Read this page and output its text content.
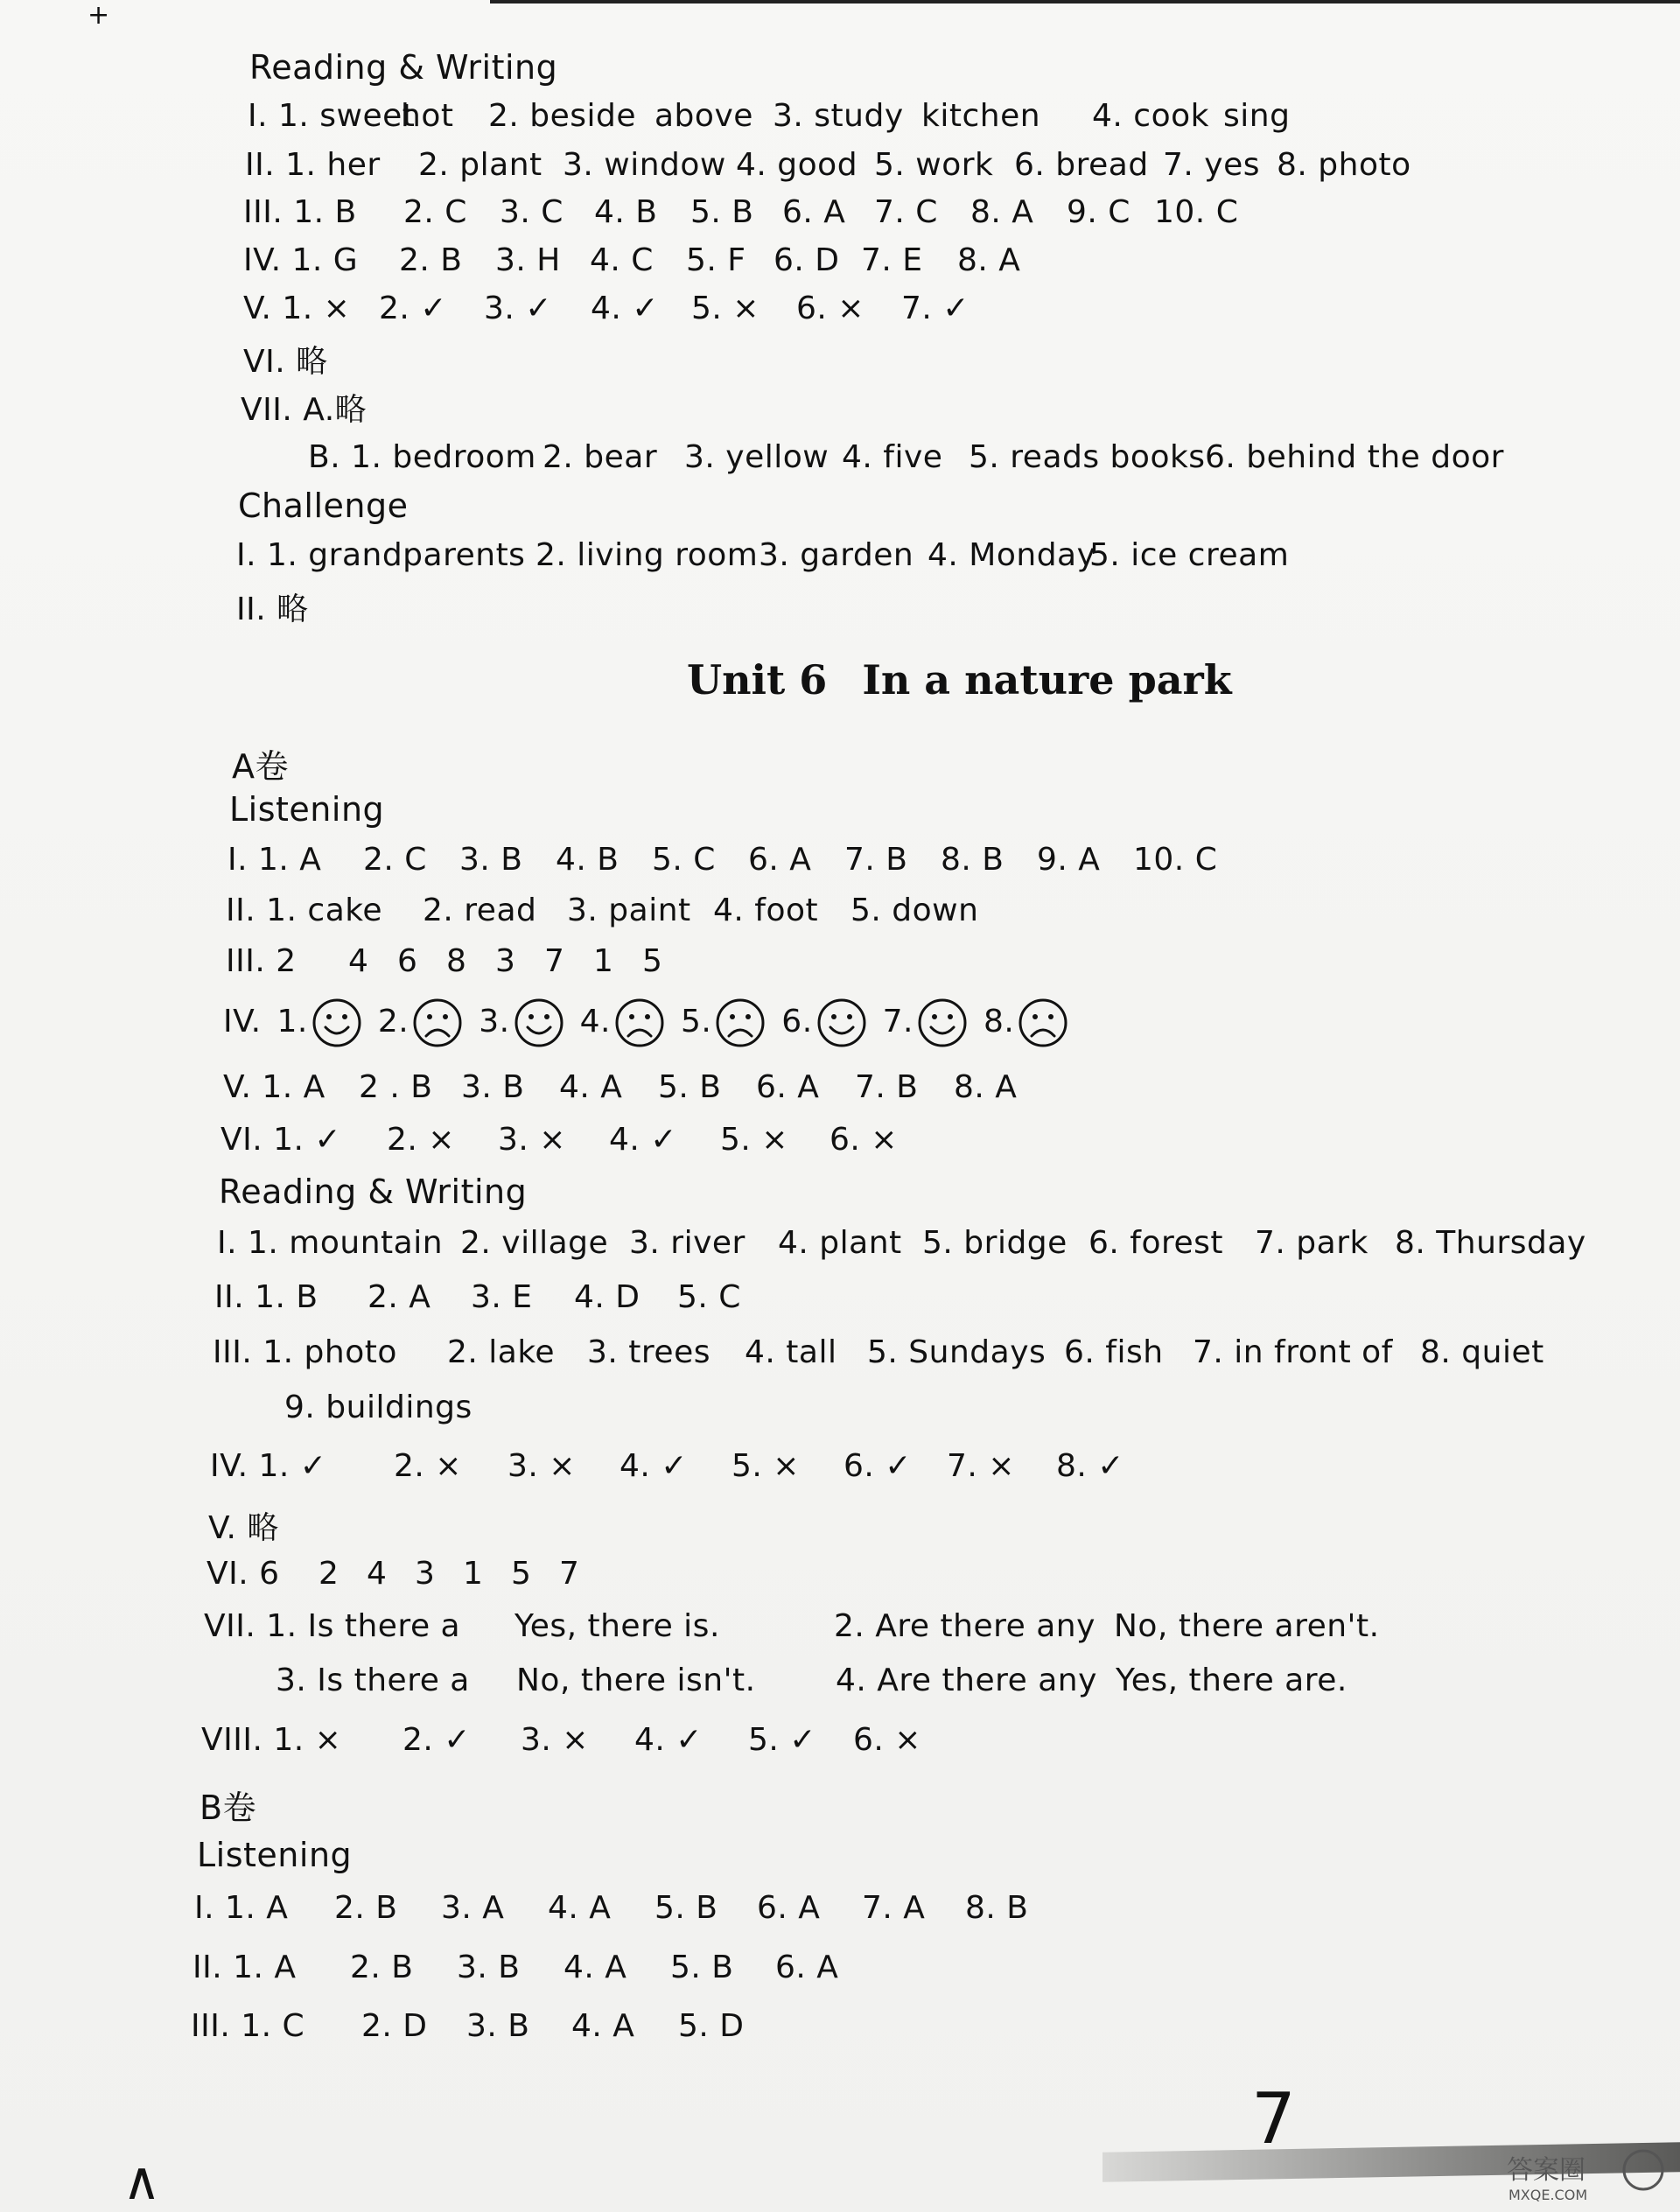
Reading & Writing
I. 1. sweethot 2. beside above 3. study kitchen 4. cook sing
II. 1. her 2. plant 3. window 4. good 5. work 6. bread 7. yes 8. photo
III. 1. B 2. C 3. C 4. B 5. B 6. A 7. C 8. A 9. C 10. C
IV. 1. G 2. B 3. H 4. C 5. F 6. D 7. E 8. A
V. 1. × 2. ✓ 3. ✓ 4. ✓ 5. × 6. × 7. ✓
VI. 略
VII. A.略
B. 1. bedroom 2. bear 3. yellow 4. five 5. reads books6. behind the door
Challenge
I. 1. grandparents 2. living room3. garden 4. Monday5. ice cream
II. 略
Unit 6 In a nature park
A卷
Listening
I. 1. A 2. C 3. B 4. B 5. C 6. A 7. B 8. B 9. A 10. C
II. 1. cake 2. read 3. paint 4. foot 5. down
III. 2 4 6 8 3 7 1 5
IV. 1. 2. 3. 4. 5. 6. 7. 8.
V. 1. A 2 . B 3. B 4. A 5. B 6. A 7. B 8. A
VI. 1. ✓ 2. × 3. × 4. ✓ 5. × 6. ×
Reading & Writing
I. 1. mountain 2. village 3. river 4. plant 5. bridge 6. forest 7. park 8. Thursday
II. 1. B 2. A 3. E 4. D 5. C
III. 1. photo 2. lake 3. trees 4. tall 5. Sundays 6. fish 7. in front of 8. quiet
9. buildings
IV. 1. ✓ 2. × 3. × 4. ✓ 5. × 6. ✓ 7. × 8. ✓
V. 略
VI. 6 2 4 3 1 5 7
VII. 1. Is there a Yes, there is.	2. Are there any No, there aren't.
3. Is there a No, there isn't.	4. Are there any Yes, there are.
VIII. 1. × 2. ✓ 3. × 4. ✓ 5. ✓ 6. ×
B卷
Listening
I. 1. A 2. B 3. A 4. A 5. B 6. A 7. A 8. B
II. 1. A 2. B 3. B 4. A 5. B 6. A
III. 1. C 2. D 3. B 4. A 5. D
+
∧
7
答案圈
MXQE.COM
